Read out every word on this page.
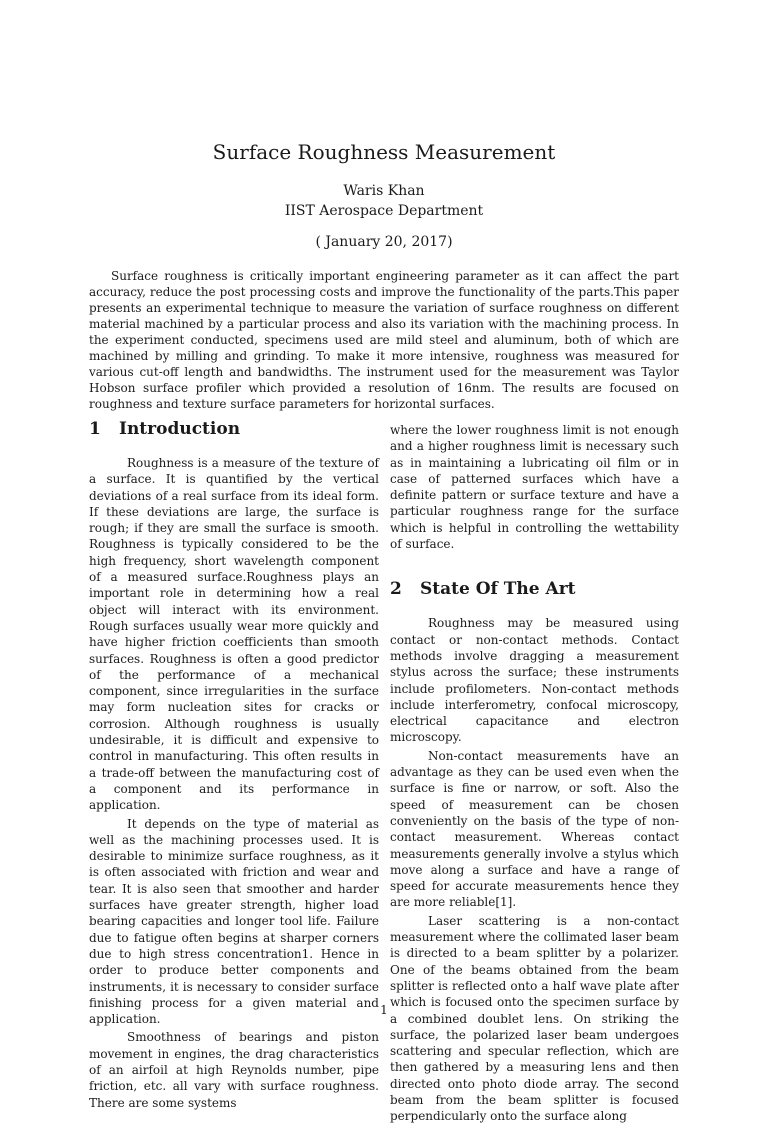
Surface Roughness Measurement

Waris Khan

IIST Aerospace Department

( January 20, 2017)

Surface roughness is critically important engineering parameter as it can affect the part accuracy, reduce the post processing costs and improve the functionality of the parts.This paper presents an experimental technique to measure the variation of surface roughness on different material machined by a particular process and also its variation with the machining process. In the experiment conducted, specimens used are mild steel and aluminum, both of which are machined by milling and grinding. To make it more intensive, roughness was measured for various cut-off length and bandwidths. The instrument used for the measurement was Taylor Hobson surface profiler which provided a resolution of 16nm. The results are focused on roughness and texture surface parameters for horizontal surfaces.

1 Introduction

Roughness is a measure of the texture of a surface. It is quantified by the vertical deviations of a real surface from its ideal form. If these deviations are large, the surface is rough; if they are small the surface is smooth. Roughness is typically considered to be the high frequency, short wavelength component of a measured surface.Roughness plays an important role in determining how a real object will interact with its environment. Rough surfaces usually wear more quickly and have higher friction coefficients than smooth surfaces. Roughness is often a good predictor of the performance of a mechanical component, since irregularities in the surface may form nucleation sites for cracks or corrosion. Although roughness is usually undesirable, it is difficult and expensive to control in manufacturing. This often results in a trade-off between the manufacturing cost of a component and its performance in application.

It depends on the type of material as well as the machining processes used. It is desirable to minimize surface roughness, as it is often associated with friction and wear and tear. It is also seen that smoother and harder surfaces have greater strength, higher load bearing capacities and longer tool life. Failure due to fatigue often begins at sharper corners due to high stress concentration1. Hence in order to produce better components and instruments, it is necessary to consider surface finishing process for a given material and application.

Smoothness of bearings and piston movement in engines, the drag characteristics of an airfoil at high Reynolds number, pipe friction, etc. all vary with surface roughness. There are some systems

where the lower roughness limit is not enough and a higher roughness limit is necessary such as in maintaining a lubricating oil film or in case of patterned surfaces which have a definite pattern or surface texture and have a particular roughness range for the surface which is helpful in controlling the wettability of surface.

2 State Of The Art

Roughness may be measured using contact or non-contact methods. Contact methods involve dragging a measurement stylus across the surface; these instruments include profilometers. Non-contact methods include interferometry, confocal microscopy, electrical capacitance and electron microscopy.

Non-contact measurements have an advantage as they can be used even when the surface is fine or narrow, or soft. Also the speed of measurement can be chosen conveniently on the basis of the type of non-contact measurement. Whereas contact measurements generally involve a stylus which move along a surface and have a range of speed for accurate measurements hence they are more reliable[1].

Laser scattering is a non-contact measurement where the collimated laser beam is directed to a beam splitter by a polarizer. One of the beams obtained from the beam splitter is reflected onto a half wave plate after which is focused onto the specimen surface by a combined doublet lens. On striking the surface, the polarized laser beam undergoes scattering and specular reflection, which are then gathered by a measuring lens and then directed onto photo diode array. The second beam from the beam splitter is focused perpendicularly onto the surface along

1
